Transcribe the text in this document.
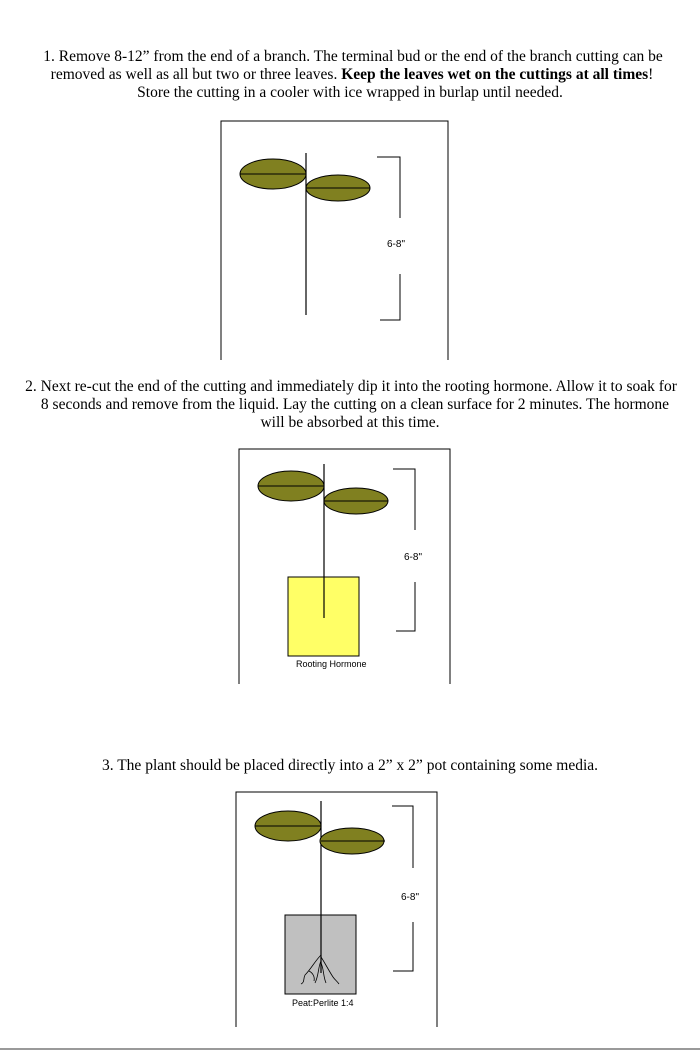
1. Remove 8-12” from the end of a branch. The terminal bud or the end of the branch cutting can be
removed as well as all but two or three leaves. Keep the leaves wet on the cuttings at all times!
Store the cutting in a cooler with ice wrapped in burlap until needed.
6-8"
2. Next re-cut the end of the cutting and immediately dip it into the rooting hormone. Allow it to soak for
8 seconds and remove from the liquid. Lay the cutting on a clean surface for 2 minutes. The hormone
will be absorbed at this time.
6-8"
Rooting Hormone
3. The plant should be placed directly into a 2” x 2” pot containing some media.
6-8"
Peat:Perlite 1:4
